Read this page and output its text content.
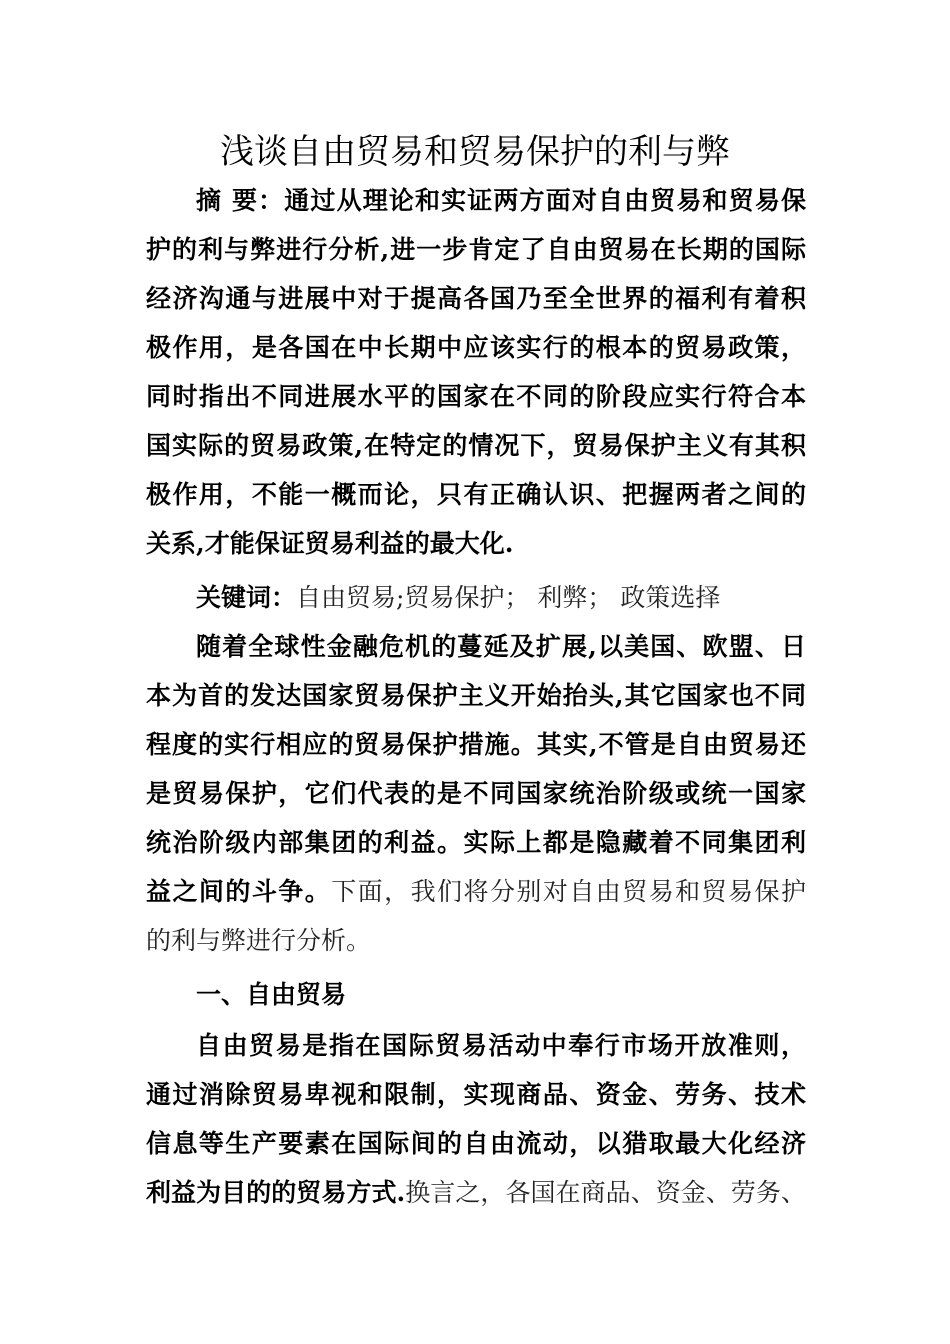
浅谈自由贸易和贸易保护的利与弊
摘 要：通过从理论和实证两方面对自由贸易和贸易保
护的利与弊进行分析,进一步肯定了自由贸易在长期的国际
经济沟通与进展中对于提高各国乃至全世界的福利有着积
极作用，是各国在中长期中应该实行的根本的贸易政策，
同时指出不同进展水平的国家在不同的阶段应实行符合本
国实际的贸易政策,在特定的情况下，贸易保护主义有其积
极作用，不能一概而论，只有正确认识、把握两者之间的
关系,才能保证贸易利益的最大化.
关键词：自由贸易;贸易保护； 利弊； 政策选择
随着全球性金融危机的蔓延及扩展,以美国、欧盟、日
本为首的发达国家贸易保护主义开始抬头,其它国家也不同
程度的实行相应的贸易保护措施。其实,不管是自由贸易还
是贸易保护，它们代表的是不同国家统治阶级或统一国家
统治阶级内部集团的利益。实际上都是隐藏着不同集团利
益之间的斗争。下面，我们将分别对自由贸易和贸易保护
的利与弊进行分析。
一、自由贸易
自由贸易是指在国际贸易活动中奉行市场开放准则，
通过消除贸易卑视和限制，实现商品、资金、劳务、技术
信息等生产要素在国际间的自由流动，以猎取最大化经济
利益为目的的贸易方式.换言之，各国在商品、资金、劳务、
